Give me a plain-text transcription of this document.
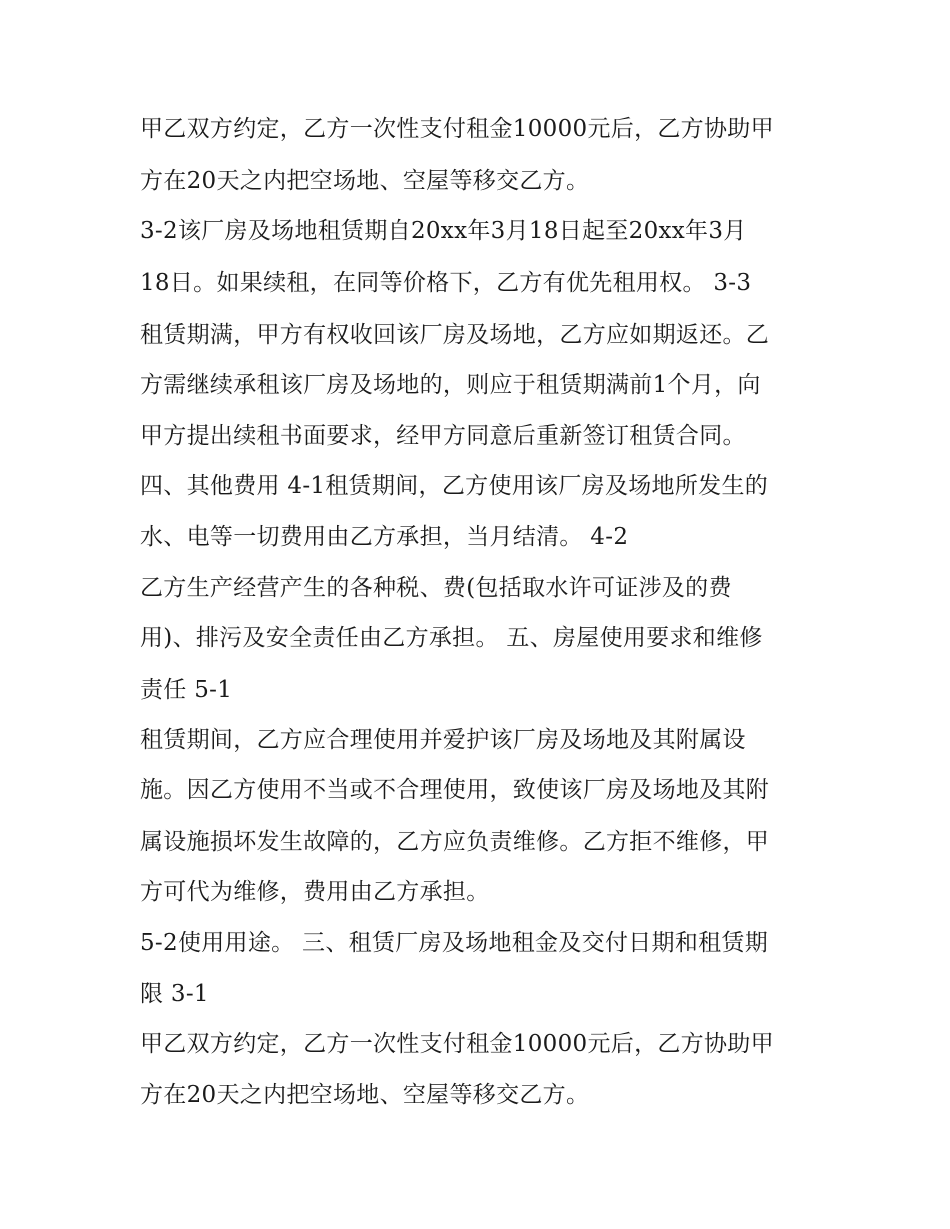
甲乙双方约定，乙方一次性支付租金10000元后，乙方协助甲

方在20天之内把空场地、空屋等移交乙方。

3-2该厂房及场地租赁期自20xx年3月18日起至20xx年3月

18日。如果续租，在同等价格下，乙方有优先租用权。 3-3

租赁期满，甲方有权收回该厂房及场地，乙方应如期返还。乙

方需继续承租该厂房及场地的，则应于租赁期满前1个月，向

甲方提出续租书面要求，经甲方同意后重新签订租赁合同。

四、其他费用 4-1租赁期间，乙方使用该厂房及场地所发生的

水、电等一切费用由乙方承担，当月结清。 4-2

乙方生产经营产生的各种税、费(包括取水许可证涉及的费

用)、排污及安全责任由乙方承担。 五、房屋使用要求和维修

责任 5-1

租赁期间，乙方应合理使用并爱护该厂房及场地及其附属设

施。因乙方使用不当或不合理使用，致使该厂房及场地及其附

属设施损坏发生故障的，乙方应负责维修。乙方拒不维修，甲

方可代为维修，费用由乙方承担。

5-2使用用途。 三、租赁厂房及场地租金及交付日期和租赁期

限 3-1

甲乙双方约定，乙方一次性支付租金10000元后，乙方协助甲

方在20天之内把空场地、空屋等移交乙方。
